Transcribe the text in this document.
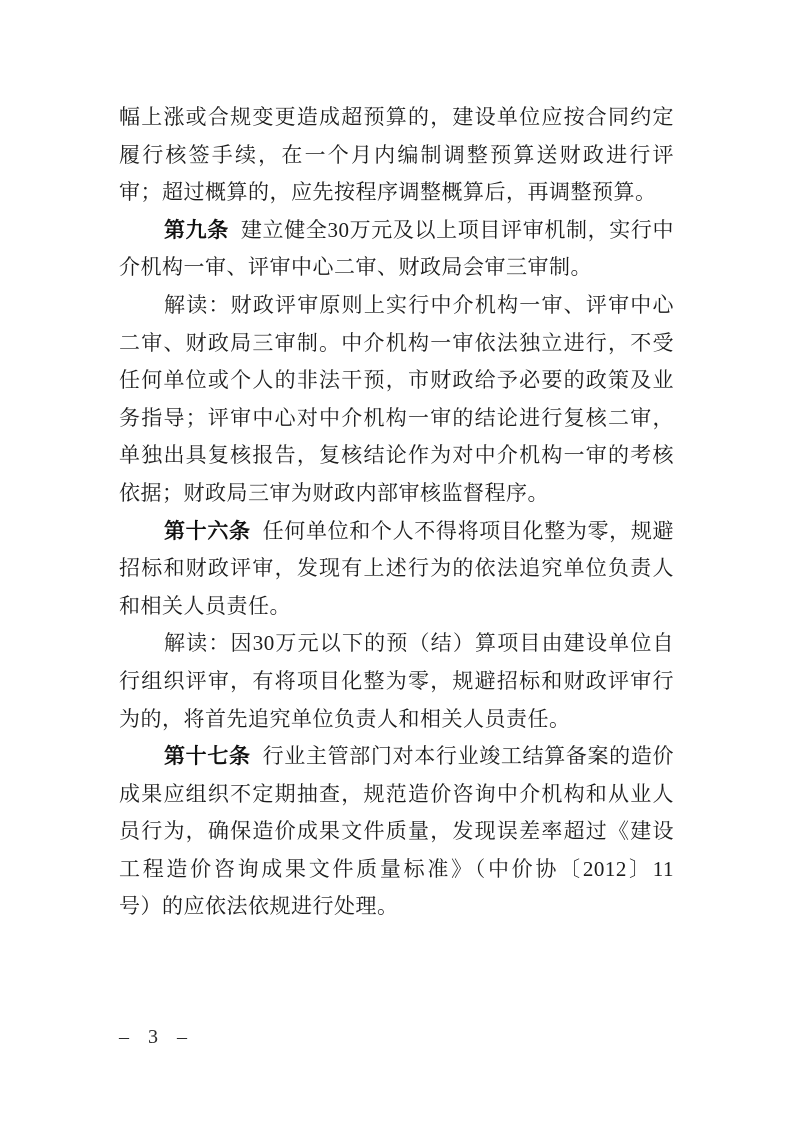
幅上涨或合规变更造成超预算的，建设单位应按合同约定
履行核签手续，在一个月内编制调整预算送财政进行评
审；超过概算的，应先按程序调整概算后，再调整预算。
第九条 建立健全30万元及以上项目评审机制，实行中
介机构一审、评审中心二审、财政局会审三审制。
解读：财政评审原则上实行中介机构一审、评审中心
二审、财政局三审制。中介机构一审依法独立进行，不受
任何单位或个人的非法干预，市财政给予必要的政策及业
务指导；评审中心对中介机构一审的结论进行复核二审，
单独出具复核报告，复核结论作为对中介机构一审的考核
依据；财政局三审为财政内部审核监督程序。
第十六条 任何单位和个人不得将项目化整为零，规避
招标和财政评审，发现有上述行为的依法追究单位负责人
和相关人员责任。
解读：因30万元以下的预（结）算项目由建设单位自
行组织评审，有将项目化整为零，规避招标和财政评审行
为的，将首先追究单位负责人和相关人员责任。
第十七条 行业主管部门对本行业竣工结算备案的造价
成果应组织不定期抽查，规范造价咨询中介机构和从业人
员行为，确保造价成果文件质量，发现误差率超过《建设
工程造价咨询成果文件质量标准》（中价协〔2012〕11
号）的应依法依规进行处理。
– 3 –
